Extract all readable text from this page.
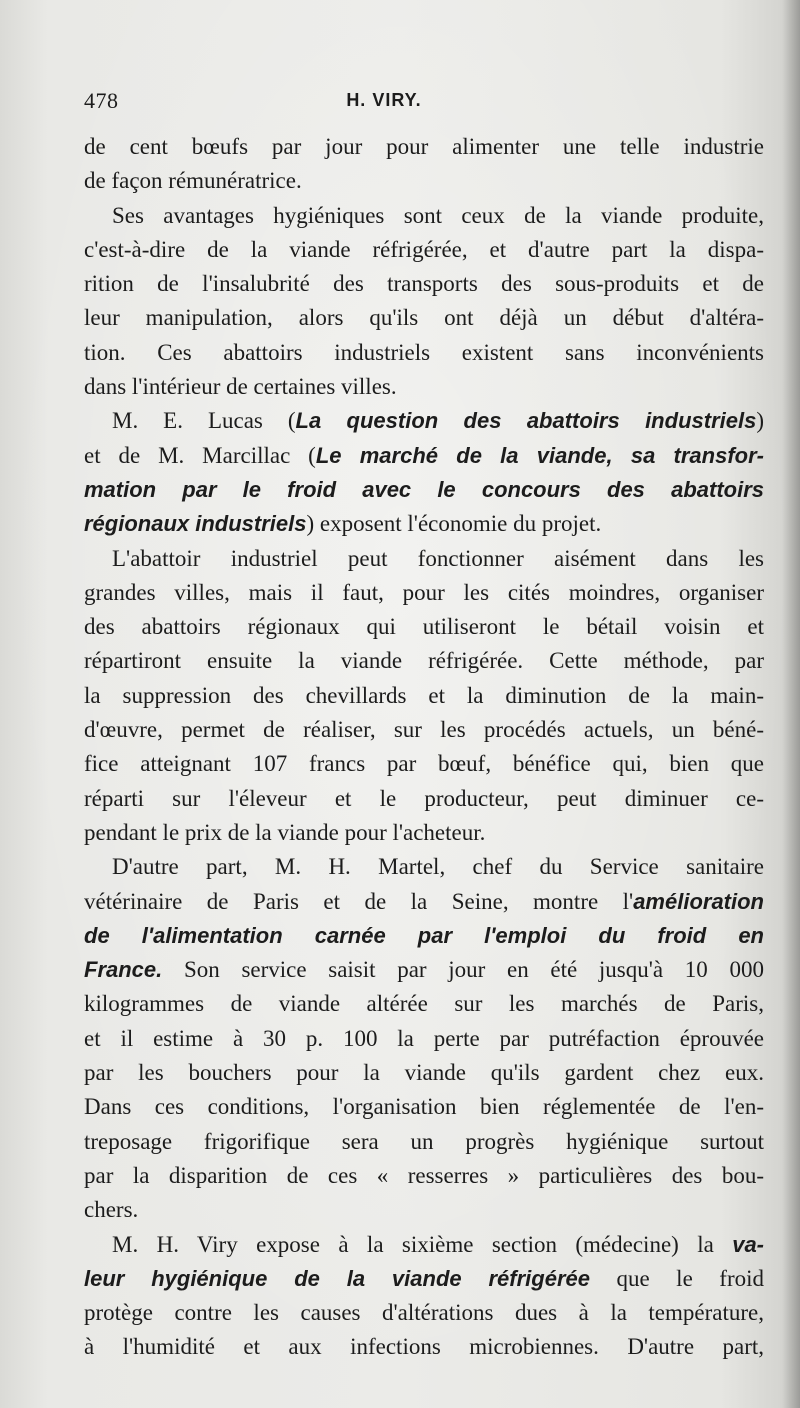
478	H. VIRY.
de cent bœufs par jour pour alimenter une telle industrie
de façon rémunératrice.
Ses avantages hygiéniques sont ceux de la viande produite,
c'est-à-dire de la viande réfrigérée, et d'autre part la dispa-
rition de l'insalubrité des transports des sous-produits et de
leur manipulation, alors qu'ils ont déjà un début d'altéra-
tion. Ces abattoirs industriels existent sans inconvénients
dans l'intérieur de certaines villes.
M. E. Lucas (La question des abattoirs industriels)
et de M. Marcillac (Le marché de la viande, sa transfor-
mation par le froid avec le concours des abattoirs
régionaux industriels) exposent l'économie du projet.
L'abattoir industriel peut fonctionner aisément dans les
grandes villes, mais il faut, pour les cités moindres, organiser
des abattoirs régionaux qui utiliseront le bétail voisin et
répartiront ensuite la viande réfrigérée. Cette méthode, par
la suppression des chevillards et la diminution de la main-
d'œuvre, permet de réaliser, sur les procédés actuels, un béné-
fice atteignant 107 francs par bœuf, bénéfice qui, bien que
réparti sur l'éleveur et le producteur, peut diminuer ce-
pendant le prix de la viande pour l'acheteur.
D'autre part, M. H. Martel, chef du Service sanitaire
vétérinaire de Paris et de la Seine, montre l'amélioration
de l'alimentation carnée par l'emploi du froid en
France. Son service saisit par jour en été jusqu'à 10 000
kilogrammes de viande altérée sur les marchés de Paris,
et il estime à 30 p. 100 la perte par putréfaction éprouvée
par les bouchers pour la viande qu'ils gardent chez eux.
Dans ces conditions, l'organisation bien réglementée de l'en-
treposage frigorifique sera un progrès hygiénique surtout
par la disparition de ces « resserres » particulières des bou-
chers.
M. H. Viry expose à la sixième section (médecine) la va-
leur hygiénique de la viande réfrigérée que le froid
protège contre les causes d'altérations dues à la température,
à l'humidité et aux infections microbiennes. D'autre part,
